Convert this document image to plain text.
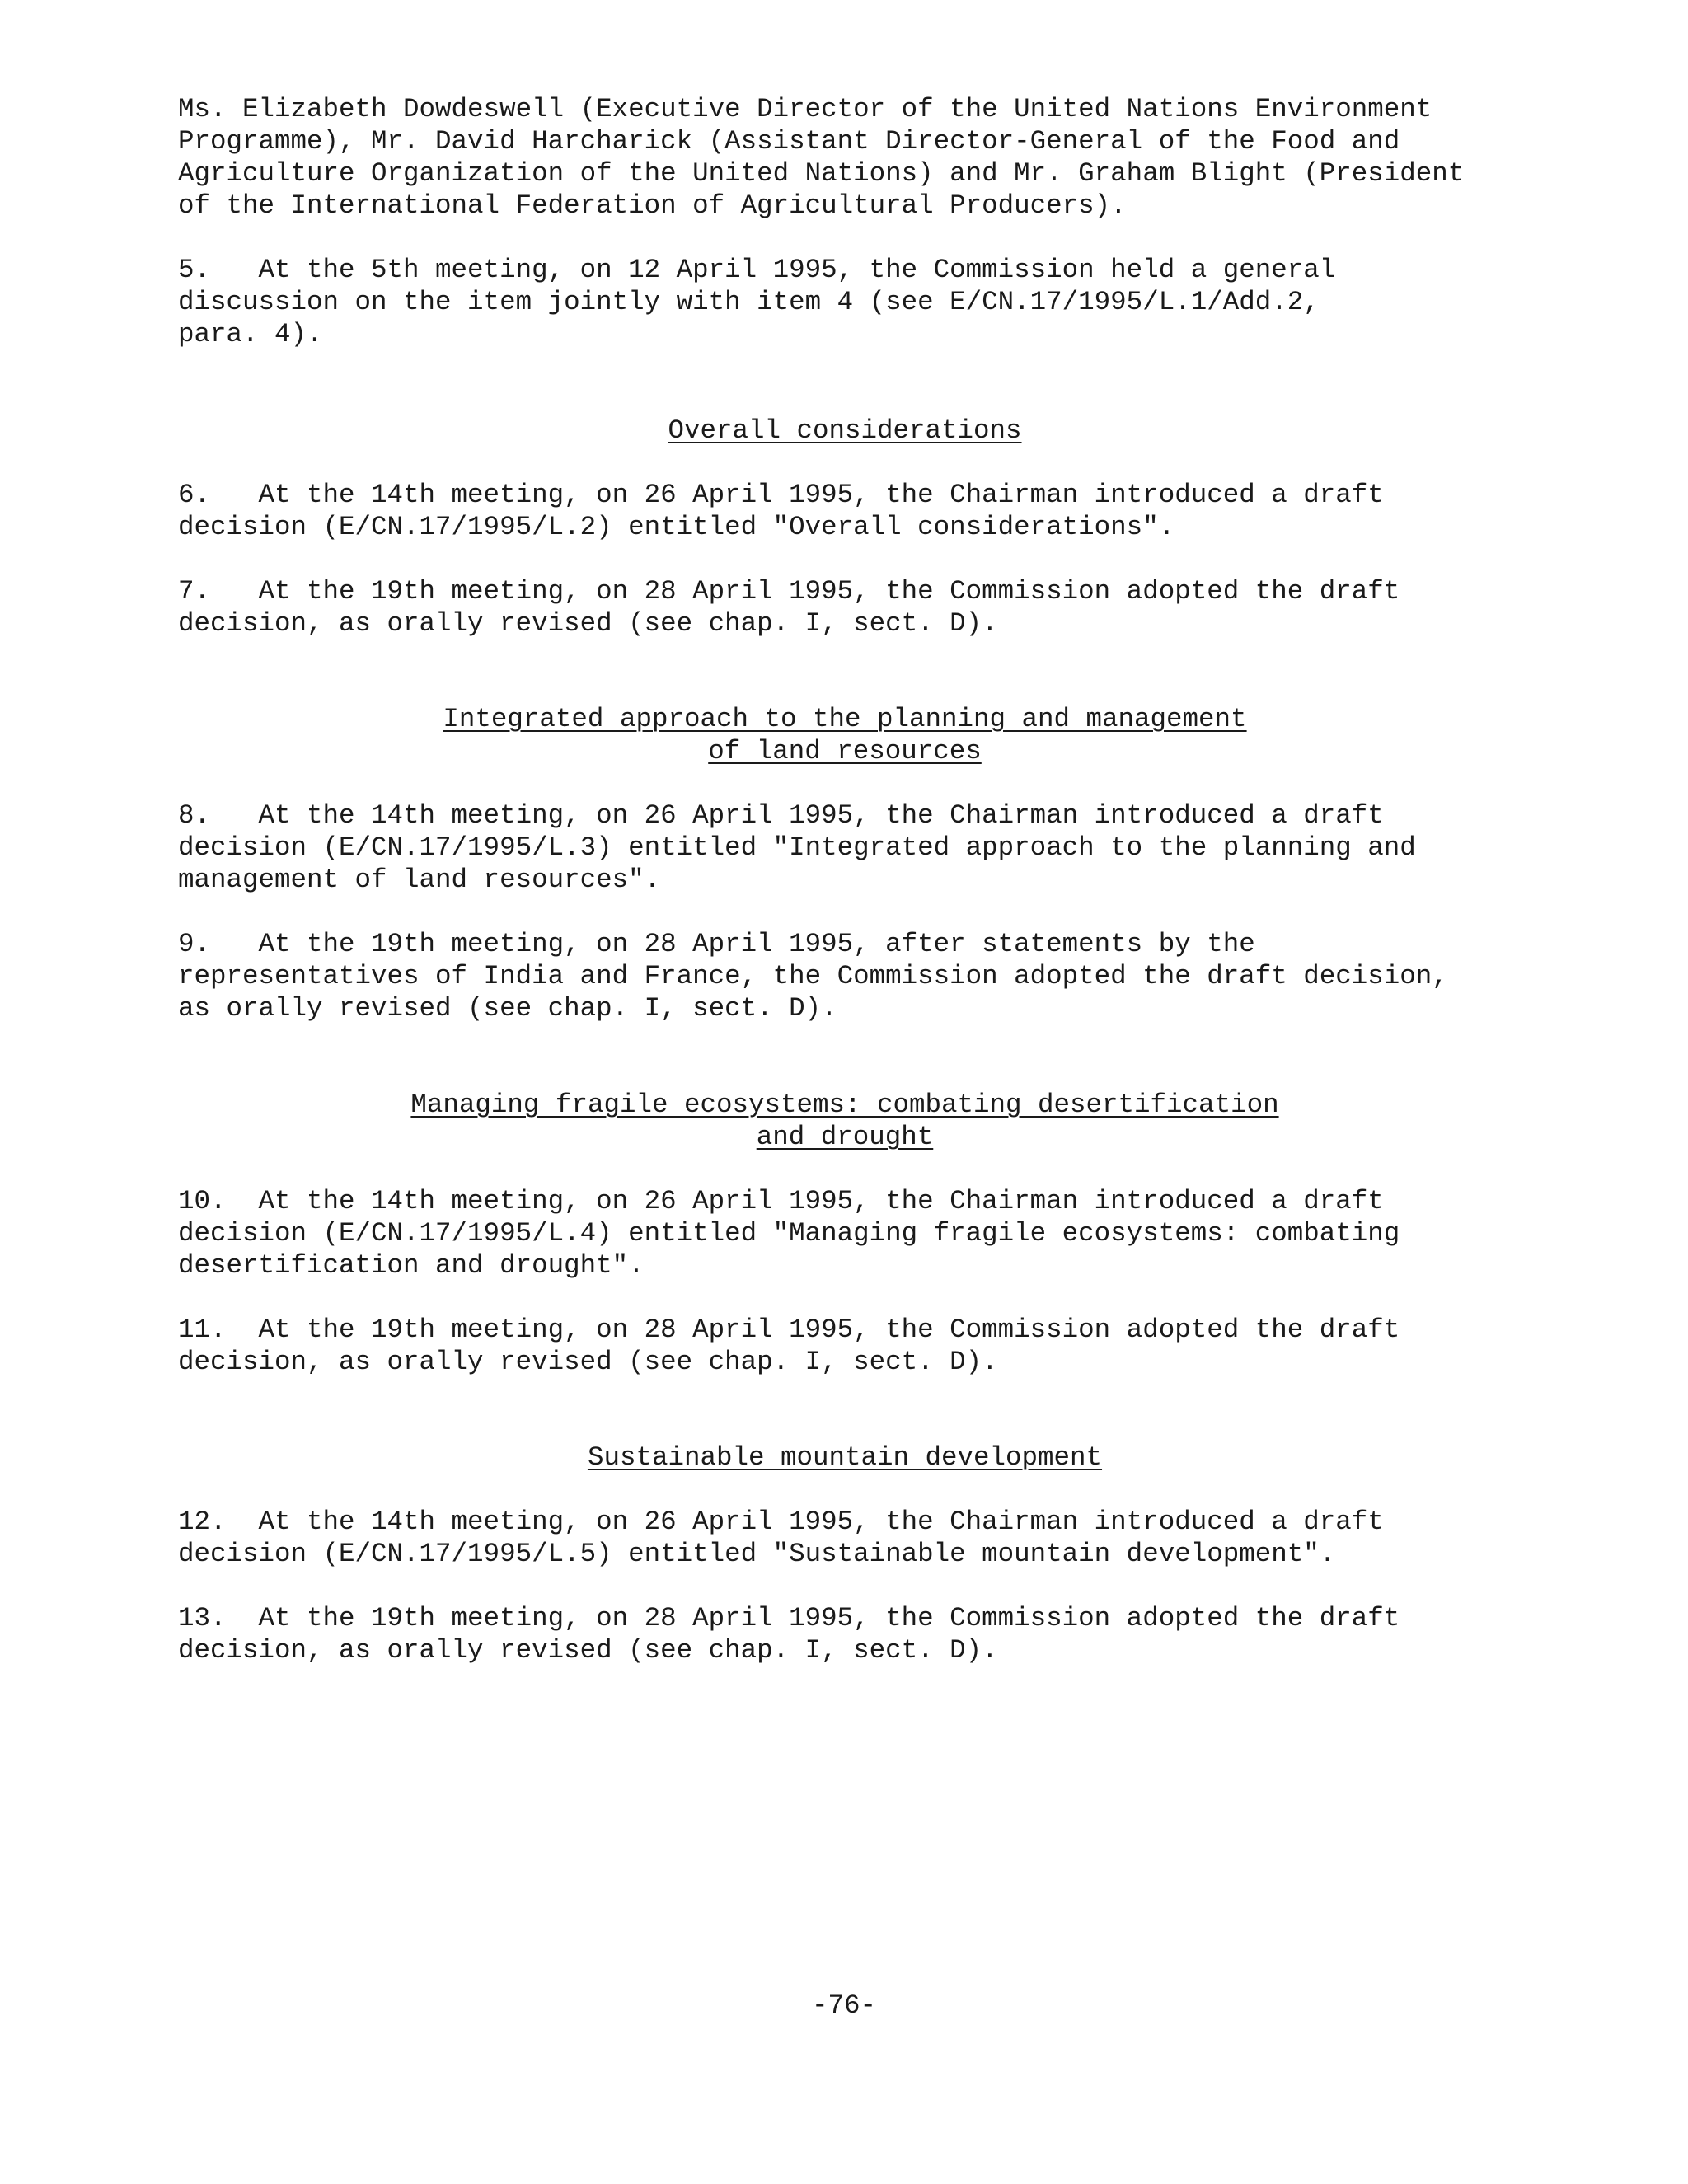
Ms. Elizabeth Dowdeswell (Executive Director of the United Nations Environment
Programme), Mr. David Harcharick (Assistant Director-General of the Food and
Agriculture Organization of the United Nations) and Mr. Graham Blight (President
of the International Federation of Agricultural Producers).

5.   At the 5th meeting, on 12 April 1995, the Commission held a general
discussion on the item jointly with item 4 (see E/CN.17/1995/L.1/Add.2,
para. 4).

Overall considerations

6.   At the 14th meeting, on 26 April 1995, the Chairman introduced a draft
decision (E/CN.17/1995/L.2) entitled "Overall considerations".

7.   At the 19th meeting, on 28 April 1995, the Commission adopted the draft
decision, as orally revised (see chap. I, sect. D).

Integrated approach to the planning and management
of land resources

8.   At the 14th meeting, on 26 April 1995, the Chairman introduced a draft
decision (E/CN.17/1995/L.3) entitled "Integrated approach to the planning and
management of land resources".

9.   At the 19th meeting, on 28 April 1995, after statements by the
representatives of India and France, the Commission adopted the draft decision,
as orally revised (see chap. I, sect. D).

Managing fragile ecosystems: combating desertification
and drought

10.  At the 14th meeting, on 26 April 1995, the Chairman introduced a draft
decision (E/CN.17/1995/L.4) entitled "Managing fragile ecosystems: combating
desertification and drought".

11.  At the 19th meeting, on 28 April 1995, the Commission adopted the draft
decision, as orally revised (see chap. I, sect. D).

Sustainable mountain development

12.  At the 14th meeting, on 26 April 1995, the Chairman introduced a draft
decision (E/CN.17/1995/L.5) entitled "Sustainable mountain development".

13.  At the 19th meeting, on 28 April 1995, the Commission adopted the draft
decision, as orally revised (see chap. I, sect. D).

-76-
